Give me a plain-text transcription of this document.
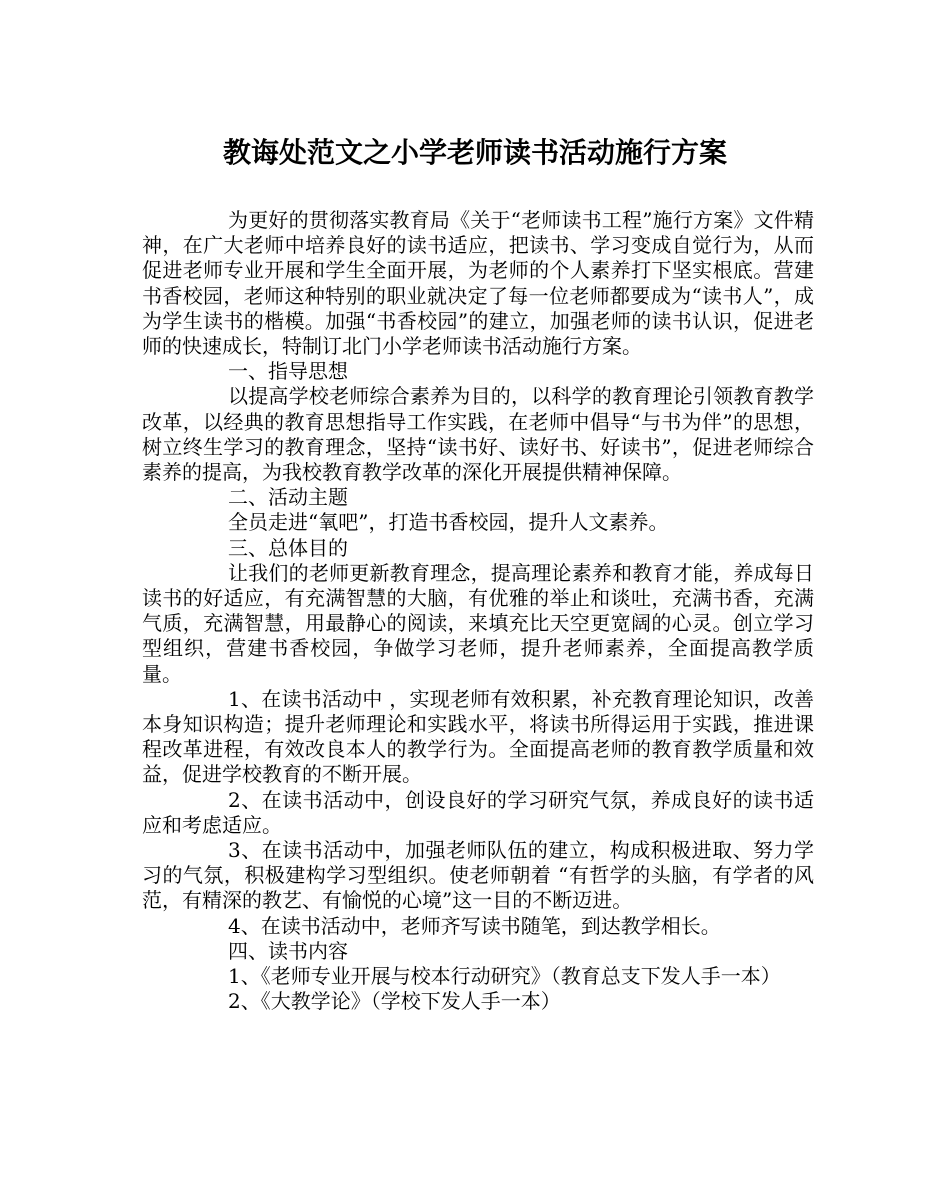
教诲处范文之小学老师读书活动施行方案

为更好的贯彻落实教育局《关于“老师读书工程”施行方案》文件精神，在广大老师中培养良好的读书适应，把读书、学习变成自觉行为，从而促进老师专业开展和学生全面开展，为老师的个人素养打下坚实根底。营建书香校园，老师这种特别的职业就决定了每一位老师都要成为“读书人”，成为学生读书的楷模。加强“书香校园”的建立，加强老师的读书认识，促进老师的快速成长，特制订北门小学老师读书活动施行方案。

一、指导思想

以提高学校老师综合素养为目的，以科学的教育理论引领教育教学改革，以经典的教育思想指导工作实践，在老师中倡导“与书为伴”的思想，树立终生学习的教育理念，坚持“读书好、读好书、好读书”，促进老师综合素养的提高，为我校教育教学改革的深化开展提供精神保障。

二、活动主题

全员走进“氧吧”，打造书香校园，提升人文素养。

三、总体目的

让我们的老师更新教育理念，提高理论素养和教育才能，养成每日读书的好适应，有充满智慧的大脑，有优雅的举止和谈吐，充满书香，充满气质，充满智慧，用最静心的阅读，来填充比天空更宽阔的心灵。创立学习型组织，营建书香校园，争做学习老师，提升老师素养，全面提高教学质量。

1、在读书活动中 ，实现老师有效积累，补充教育理论知识，改善本身知识构造；提升老师理论和实践水平，将读书所得运用于实践，推进课程改革进程，有效改良本人的教学行为。全面提高老师的教育教学质量和效益，促进学校教育的不断开展。

2、在读书活动中，创设良好的学习研究气氛，养成良好的读书适应和考虑适应。

3、在读书活动中，加强老师队伍的建立，构成积极进取、努力学习的气氛，积极建构学习型组织。使老师朝着 “有哲学的头脑，有学者的风范，有精深的教艺、有愉悦的心境”这一目的不断迈进。

4、在读书活动中，老师齐写读书随笔，到达教学相长。

四、读书内容

1、《老师专业开展与校本行动研究》（教育总支下发人手一本）

2、《大教学论》（学校下发人手一本）
